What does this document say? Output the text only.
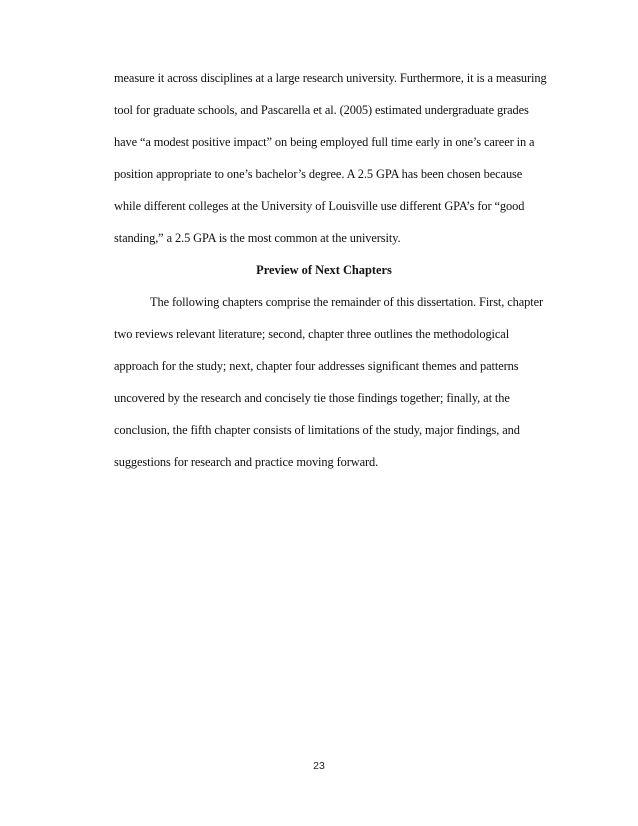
measure it across disciplines at a large research university. Furthermore, it is a measuring
tool for graduate schools, and Pascarella et al. (2005) estimated undergraduate grades
have “a modest positive impact” on being employed full time early in one’s career in a
position appropriate to one’s bachelor’s degree. A 2.5 GPA has been chosen because
while different colleges at the University of Louisville use different GPA’s for “good
standing,” a 2.5 GPA is the most common at the university.
Preview of Next Chapters
The following chapters comprise the remainder of this dissertation. First, chapter
two reviews relevant literature; second, chapter three outlines the methodological
approach for the study; next, chapter four addresses significant themes and patterns
uncovered by the research and concisely tie those findings together; finally, at the
conclusion, the fifth chapter consists of limitations of the study, major findings, and
suggestions for research and practice moving forward.
23
